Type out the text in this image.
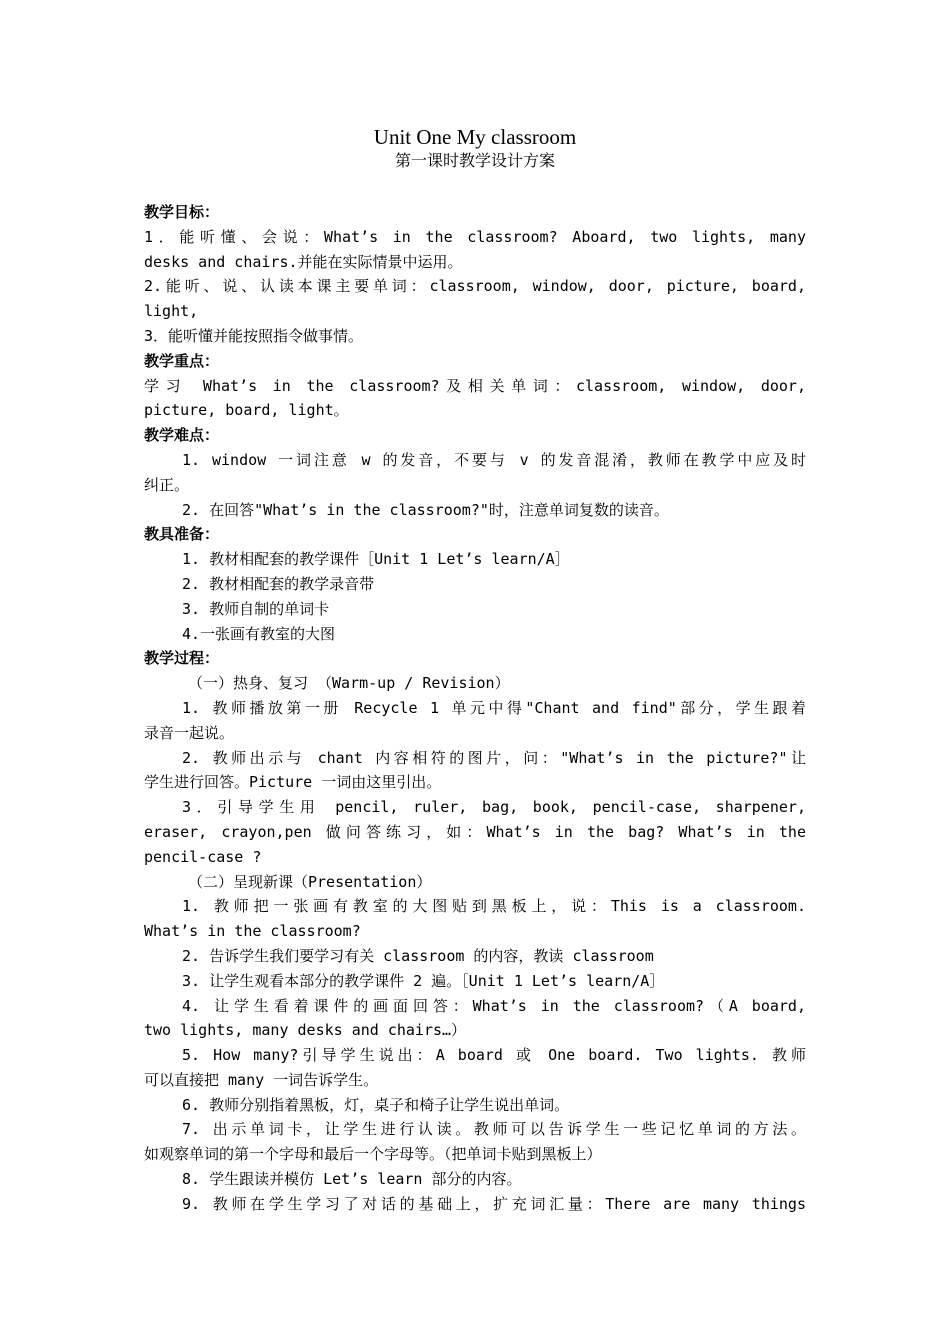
Unit One My classroom
第一课时教学设计方案
教学目标：
1．能听懂、会说：What’s in the classroom? Aboard, two lights, many
desks and chairs.并能在实际情景中运用。
2.能听、说、认读本课主要单词：classroom, window, door, picture, board,
light,
3．能听懂并能按照指令做事情。
教学重点：
学习 What’s in the classroom?及相关单词：classroom, window, door,
picture, board, light。
教学难点：
1. window 一词注意 w 的发音，不要与 v 的发音混淆，教师在教学中应及时
纠正。
2. 在回答"What’s in the classroom?"时，注意单词复数的读音。
教具准备：
1. 教材相配套的教学课件［Unit 1 Let’s learn/A］
2. 教材相配套的教学录音带
3. 教师自制的单词卡
4.一张画有教室的大图
教学过程：
（一）热身、复习 （Warm-up / Revision）
1. 教师播放第一册 Recycle 1 单元中得"Chant and find"部分，学生跟着
录音一起说。
2. 教师出示与 chant 内容相符的图片，问："What’s in the picture?"让
学生进行回答。Picture 一词由这里引出。
3．引导学生用 pencil, ruler, bag, book, pencil-case, sharpener,
eraser, crayon,pen 做问答练习，如：What’s in the bag? What’s in the
pencil-case ?
（二）呈现新课（Presentation）
1. 教师把一张画有教室的大图贴到黑板上，说：This is a classroom.
What’s in the classroom?
2. 告诉学生我们要学习有关 classroom 的内容，教读 classroom
3. 让学生观看本部分的教学课件 2 遍。［Unit 1 Let’s learn/A］
4. 让学生看着课件的画面回答：What’s in the classroom?（A board,
two lights, many desks and chairs…）
5. How many?引导学生说出：A board 或 One board. Two lights. 教师
可以直接把 many 一词告诉学生。
6. 教师分别指着黑板，灯，桌子和椅子让学生说出单词。
7. 出示单词卡，让学生进行认读。教师可以告诉学生一些记忆单词的方法。
如观察单词的第一个字母和最后一个字母等。（把单词卡贴到黑板上）
8. 学生跟读并模仿 Let’s learn 部分的内容。
9. 教师在学生学习了对话的基础上，扩充词汇量：There are many things
